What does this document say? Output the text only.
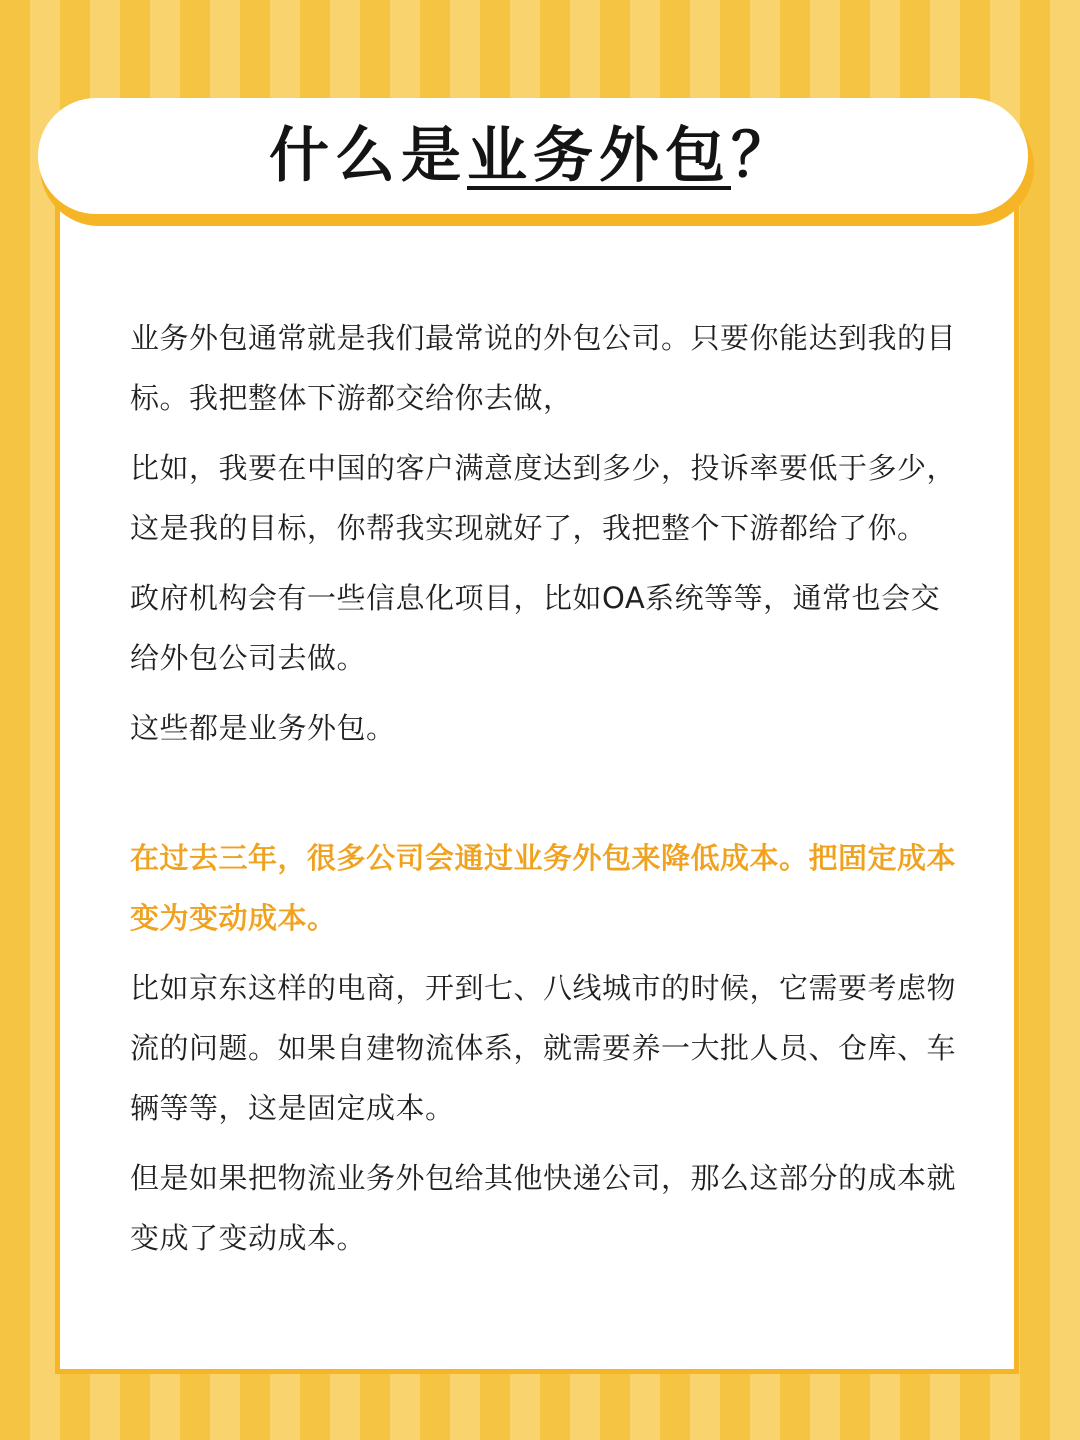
什么是业务外包？

业务外包通常就是我们最常说的外包公司。只要你能达到我的目标。我把整体下游都交给你去做，

比如，我要在中国的客户满意度达到多少，投诉率要低于多少，这是我的目标，你帮我实现就好了，我把整个下游都给了你。

政府机构会有一些信息化项目，比如OA系统等等，通常也会交给外包公司去做。

这些都是业务外包。

在过去三年，很多公司会通过业务外包来降低成本。把固定成本变为变动成本。

比如京东这样的电商，开到七、八线城市的时候，它需要考虑物流的问题。如果自建物流体系，就需要养一大批人员、仓库、车辆等等，这是固定成本。

但是如果把物流业务外包给其他快递公司，那么这部分的成本就变成了变动成本。
